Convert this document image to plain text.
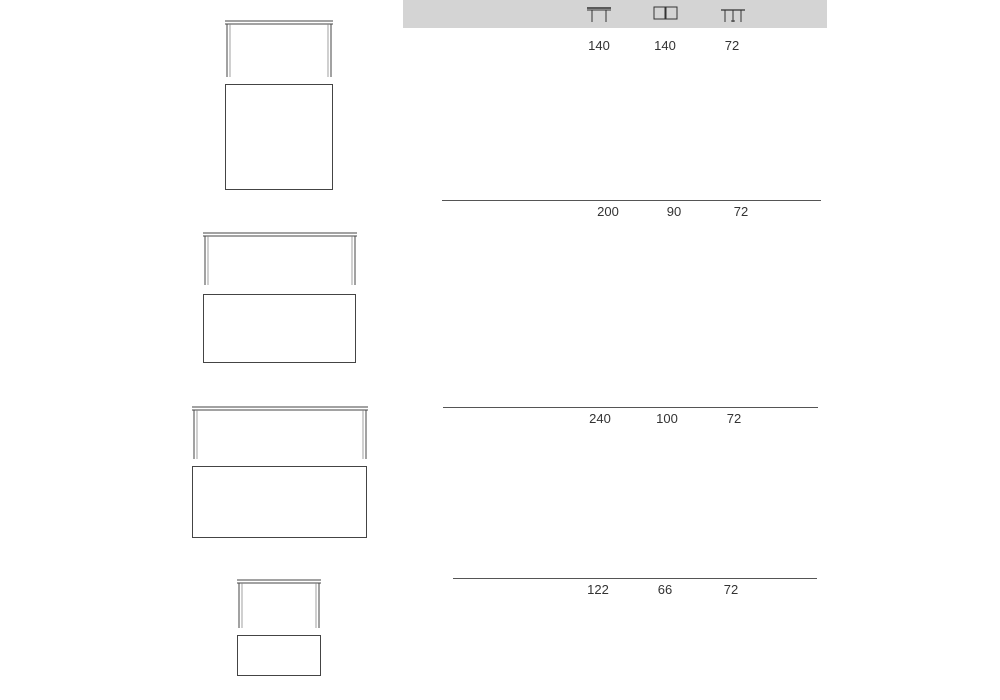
140	140	72
200	90	72
240	100	72
122	66	72
